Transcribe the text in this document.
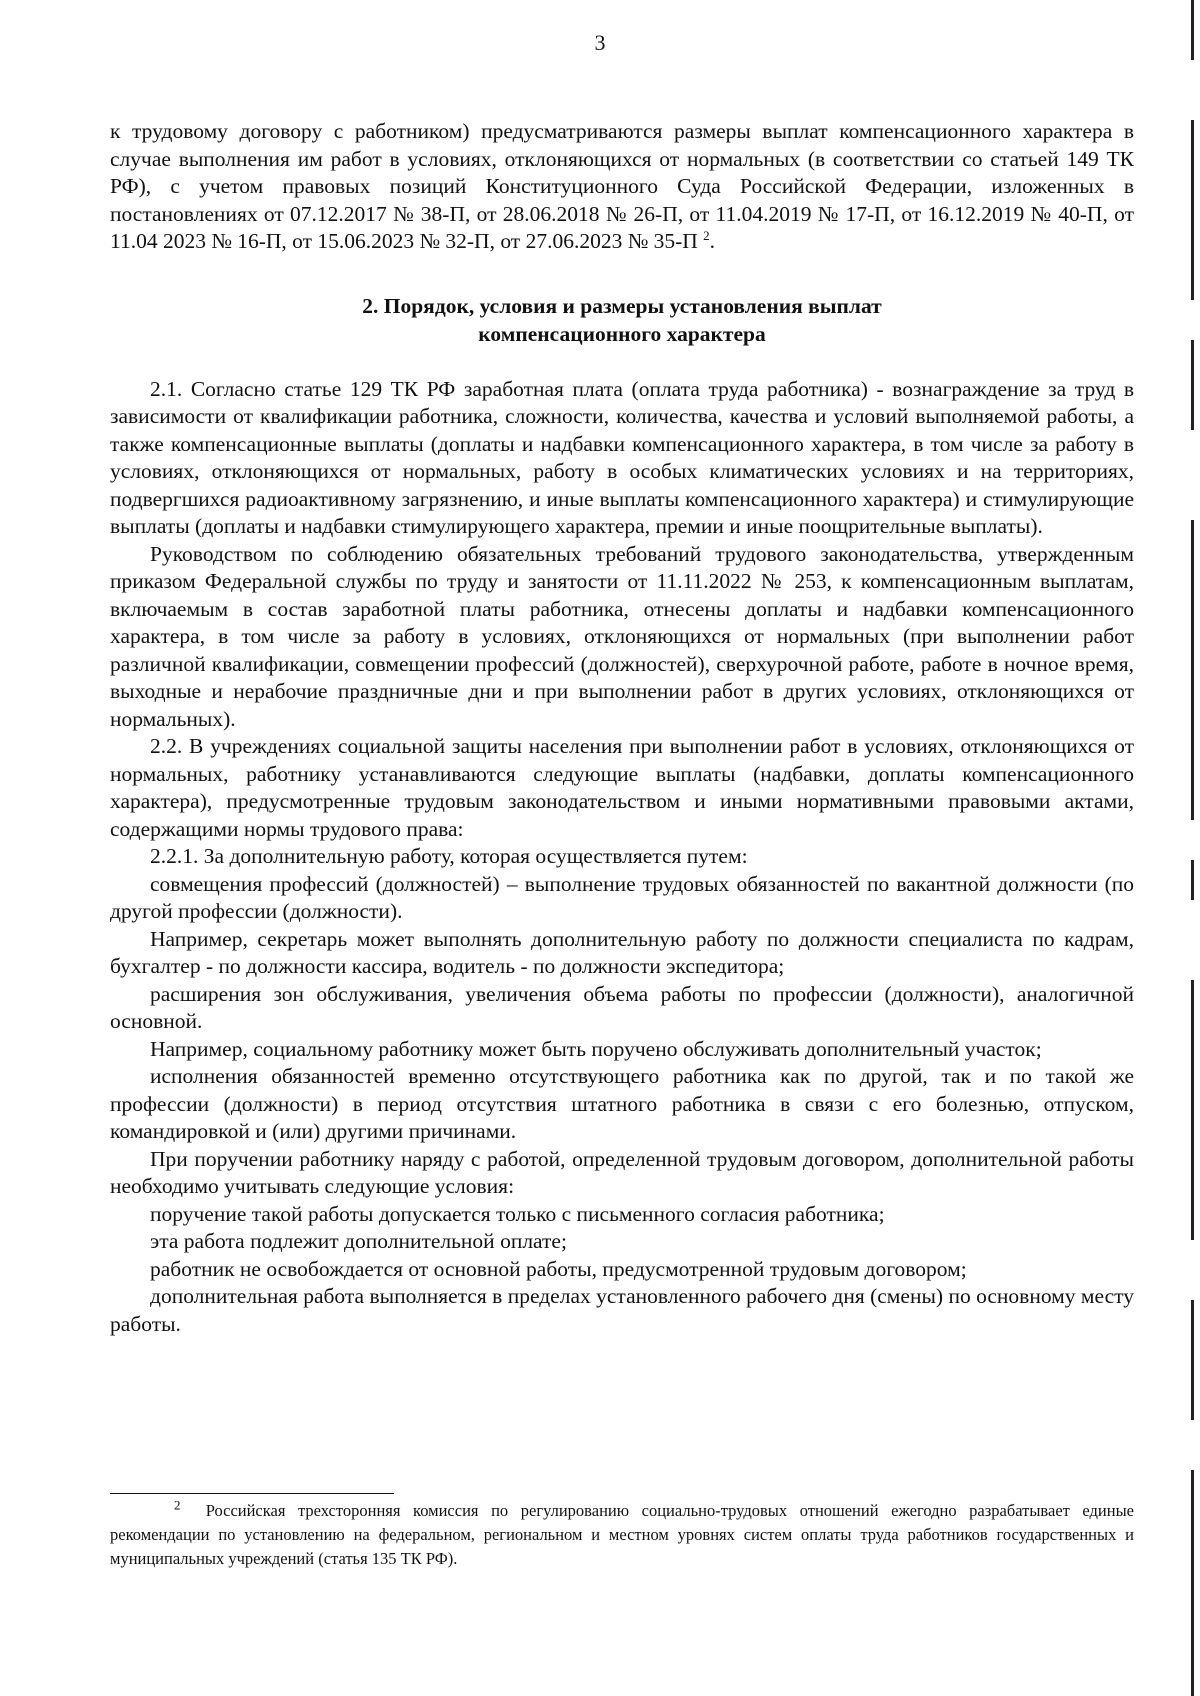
3

к трудовому договору с работником) предусматриваются размеры выплат компенсационного характера в случае выполнения им работ в условиях, отклоняющихся от нормальных (в соответствии со статьей 149 ТК РФ), с учетом правовых позиций Конституционного Суда Российской Федерации, изложенных в постановлениях от 07.12.2017 № 38-П, от 28.06.2018 № 26-П, от 11.04.2019 № 17-П, от 16.12.2019 № 40-П, от 11.04 2023 № 16-П, от 15.06.2023 № 32-П, от 27.06.2023 № 35-П $^2$.

2. Порядок, условия и размеры установления выплат
компенсационного характера

2.1. Согласно статье 129 ТК РФ заработная плата (оплата труда работника) - вознаграждение за труд в зависимости от квалификации работника, сложности, количества, качества и условий выполняемой работы, а также компенсационные выплаты (доплаты и надбавки компенсационного характера, в том числе за работу в условиях, отклоняющихся от нормальных, работу в особых климатических условиях и на территориях, подвергшихся радиоактивному загрязнению, и иные выплаты компенсационного характера) и стимулирующие выплаты (доплаты и надбавки стимулирующего характера, премии и иные поощрительные выплаты).

Руководством по соблюдению обязательных требований трудового законодательства, утвержденным приказом Федеральной службы по труду и занятости от 11.11.2022 № 253, к компенсационным выплатам, включаемым в состав заработной платы работника, отнесены доплаты и надбавки компенсационного характера, в том числе за работу в условиях, отклоняющихся от нормальных (при выполнении работ различной квалификации, совмещении профессий (должностей), сверхурочной работе, работе в ночное время, выходные и нерабочие праздничные дни и при выполнении работ в других условиях, отклоняющихся от нормальных).

2.2. В учреждениях социальной защиты населения при выполнении работ в условиях, отклоняющихся от нормальных, работнику устанавливаются следующие выплаты (надбавки, доплаты компенсационного характера), предусмотренные трудовым законодательством и иными нормативными правовыми актами, содержащими нормы трудового права:

2.2.1. За дополнительную работу, которая осуществляется путем:

совмещения профессий (должностей) – выполнение трудовых обязанностей по вакантной должности (по другой профессии (должности).

Например, секретарь может выполнять дополнительную работу по должности специалиста по кадрам, бухгалтер - по должности кассира, водитель - по должности экспедитора;

расширения зон обслуживания, увеличения объема работы по профессии (должности), аналогичной основной.

Например, социальному работнику может быть поручено обслуживать дополнительный участок;

исполнения обязанностей временно отсутствующего работника как по другой, так и по такой же профессии (должности) в период отсутствия штатного работника в связи с его болезнью, отпуском, командировкой и (или) другими причинами.

При поручении работнику наряду с работой, определенной трудовым договором, дополнительной работы необходимо учитывать следующие условия:

поручение такой работы допускается только с письменного согласия работника;

эта работа подлежит дополнительной оплате;

работник не освобождается от основной работы, предусмотренной трудовым договором;

дополнительная работа выполняется в пределах установленного рабочего дня (смены) по основному месту работы.

$^2$ Российская трехсторонняя комиссия по регулированию социально-трудовых отношений ежегодно разрабатывает единые рекомендации по установлению на федеральном, региональном и местном уровнях систем оплаты труда работников государственных и муниципальных учреждений (статья 135 ТК РФ).
